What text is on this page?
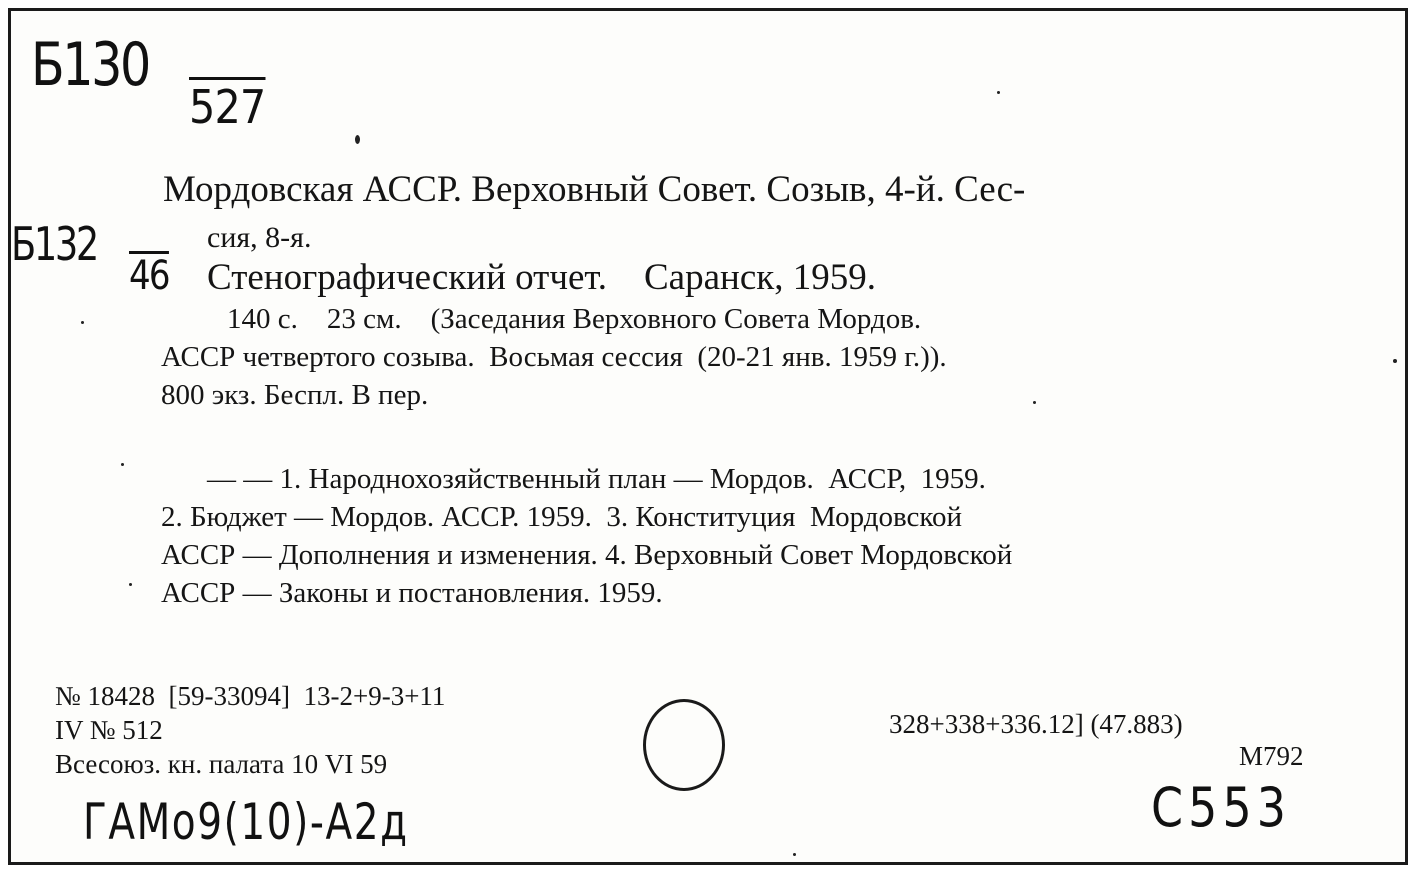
Б130
527
Б132
46
Мордовская АССР. Верховный Совет. Созыв, 4-й. Сес-
сия, 8-я.
Стенографический отчет.    Саранск, 1959.
140 с.    23 см.    (Заседания Верховного Совета Мордов.
АССР четвертого созыва.  Восьмая сессия  (20-21 янв. 1959 г.)).
800 экз. Беспл. В пер.
— — 1. Народнохозяйственный план — Мордов.  АССР,  1959.
2. Бюджет — Мордов. АССР. 1959.  3. Конституция  Мордовской
АССР — Дополнения и изменения. 4. Верховный Совет Мордовской
АССР — Законы и постановления. 1959.
№ 18428  [59-33094]  13-2+9-3+11
IV № 512
Всесоюз. кн. палата 10 VI 59
328+338+336.12] (47.883)
М792
ГАМо9(10)-А2д	С553
